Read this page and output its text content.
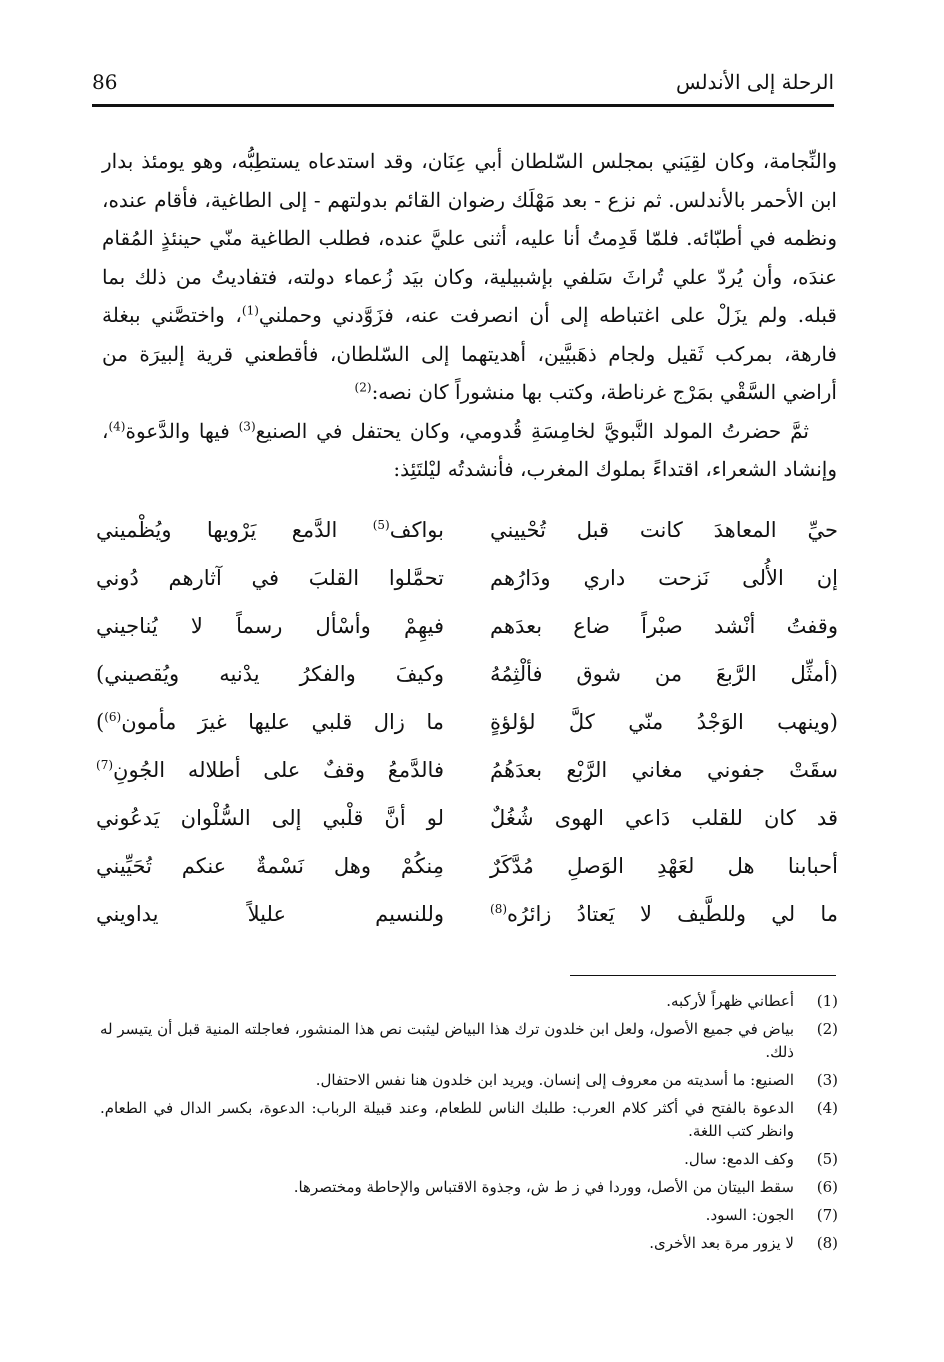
86	الرحلة إلى الأندلس

والنِّجامة، وكان لقِيَني بمجلس السّلطان أبي عِنَان، وقد استدعاه يستطِبُّه، وهو يومئذ بدار ابن الأحمر بالأندلس. ثم نزع - بعد مَهْلَك رضوان القائم بدولتهم - إلى الطاغية، فأقام عنده، ونظمه في أطبّائه. فلمّا قَدِمتُ أنا عليه، أثنى عليَّ عنده، فطلب الطاغية منّي حينئذٍ المُقام عندَه، وأن يُردّ علي تُراثَ سَلفي بإشبيلية، وكان بيَد زُعماء دولته، فتفاديتُ من ذلك بما قبله. ولم يزَلْ على اغتباطه إلى أن انصرفت عنه، فزَوَّدني وحملني$^{(1)}$، واختصَّني ببغلة فارهة، بمركب ثَقيل ولجام ذهَبيَّين، أهديتهما إلى السّلطان، فأقطعني قرية إلبيرَة من أراضي السَّقْي بمَرْج غرناطة، وكتب بها منشوراً كان نصه:$^{(2)}$

ثمَّ حضرتُ المولد النَّبويَّ لخامِسَةِ قُدومي، وكان يحتفل في الصنيع$^{(3)}$ فيها والدَّعوة$^{(4)}$، وإنشاد الشعراء، اقتداءً بملوك المغرب، فأنشدتُه ليْلتَئِذ:

حيِّ المعاهدَ كانت قبل تُحْييني
بواكف$^{(5)}$ الدَّمع يَرْويها ويُظْميني
إن الأُلى نَزحت داري ودَارُهم
تحمَّلوا القلبَ في آثارهم دُوني
وقفتُ أنْشد صبْراً ضاع بعدَهم
فيهِمْ وأسْأل رسماً لا يُناجيني
(أمثِّل الرَّبعَ من شوق فألْثِمُهُ
وكيفَ والفكرُ يدْنيه ويُقصيني)
(وينهب الوَجْدُ منّي كلَّ لؤلؤةٍ
ما زال قلبي عليها غيرَ مأمون$^{(6)}$)
سقَتْ جفوني مغاني الرَّبْع بعدَهُمُ
فالدَّمعُ وقفٌ على أطلاله الجُونِ$^{(7)}$
قد كان للقلب دَاعي الهوى شُغُلٌ
لو أنَّ قلْبي إلى السُّلْوان يَدعُوني
أحبابنا هل لعَهْدِ الوَصلِ مُدَّكَرٌ
مِنكُمْ وهل نَسْمةٌ عنكم تُحَيِّيني
ما لي وللطَّيف لا يَعتادُ زائرُه$^{(8)}$
وللنسيم عليلاً يداويني
(1)
أعطاني ظهراً لأركبه.
(2)
بياض في جميع الأصول، ولعل ابن خلدون ترك هذا البياض ليثبت نص هذا المنشور، فعاجلته المنية قبل أن يتيسر له ذلك.
(3)
الصنيع: ما أسديته من معروف إلى إنسان. ويريد ابن خلدون هنا نفس الاحتفال.
(4)
الدعوة بالفتح في أكثر كلام العرب: طلبك الناس للطعام، وعند قبيلة الرباب: الدعوة، بكسر الدال في الطعام. وانظر كتب اللغة.
(5)
وكف الدمع: سال.
(6)
سقط البيتان من الأصل، ووردا في ز ط ش، وجذوة الاقتباس والإحاطة ومختصرها.
(7)
الجون: السود.
(8)
لا يزور مرة بعد الأخرى.
